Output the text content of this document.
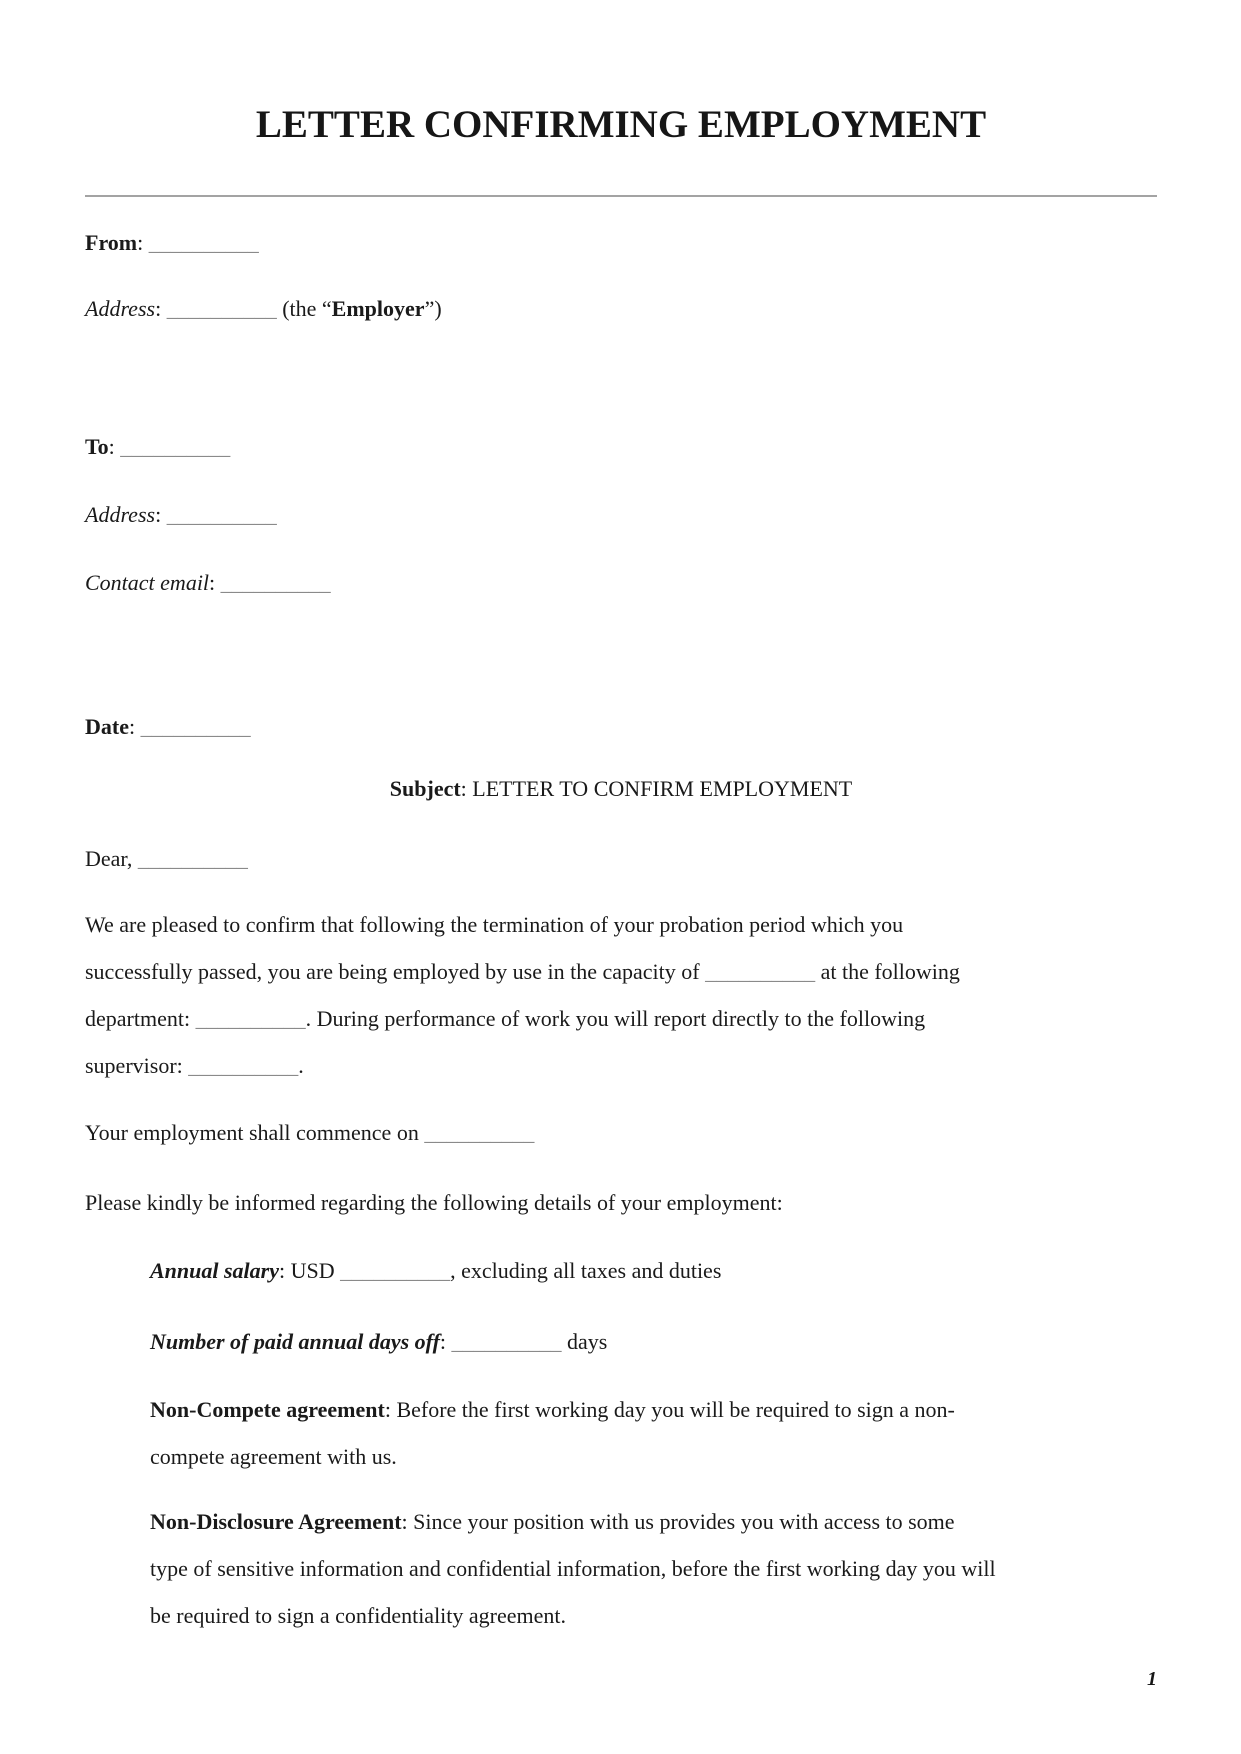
LETTER CONFIRMING EMPLOYMENT

From: __________

Address: __________ (the “Employer”)

To: __________

Address: __________

Contact email: __________

Date: __________

Subject: LETTER TO CONFIRM EMPLOYMENT

Dear, __________

We are pleased to confirm that following the termination of your probation period which you
successfully passed, you are being employed by use in the capacity of __________ at the following
department: __________. During performance of work you will report directly to the following
supervisor: __________.

Your employment shall commence on __________

Please kindly be informed regarding the following details of your employment:

Annual salary: USD __________, excluding all taxes and duties

Number of paid annual days off: __________ days

Non-Compete agreement: Before the first working day you will be required to sign a non-
compete agreement with us.
Non-Disclosure Agreement: Since your position with us provides you with access to some
type of sensitive information and confidential information, before the first working day you will
be required to sign a confidentiality agreement.
1
